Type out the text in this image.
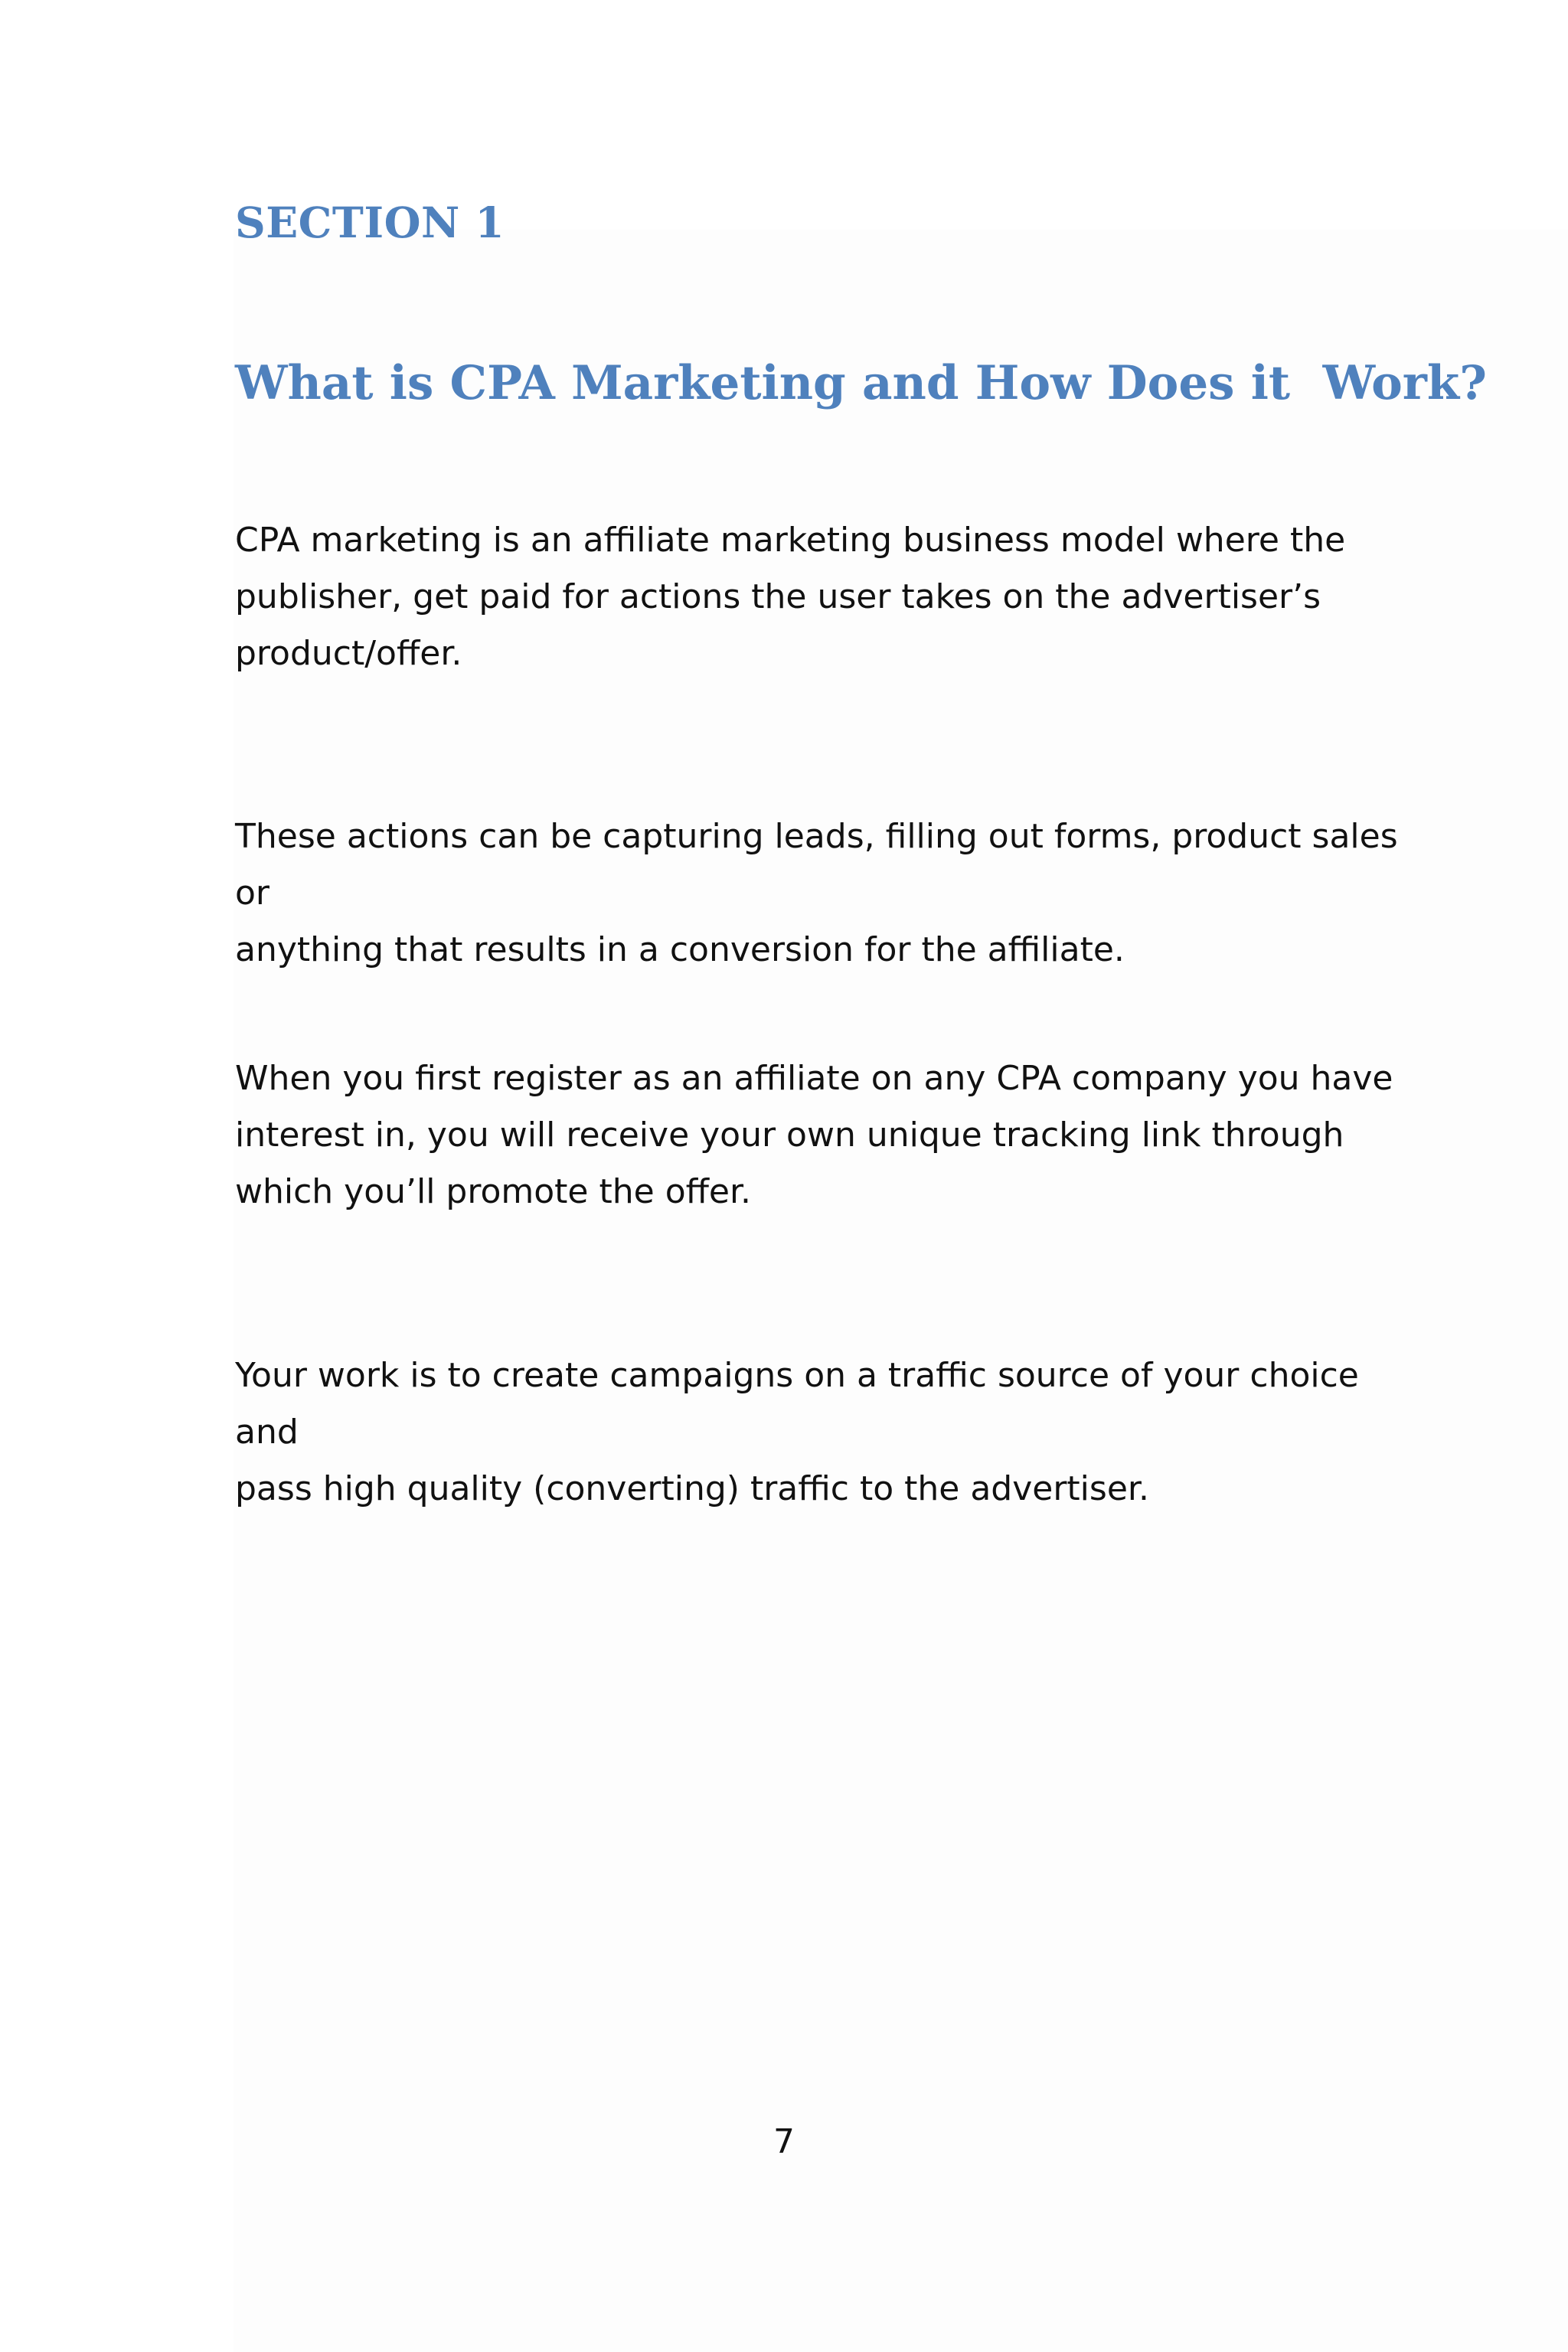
SECTION 1
What is CPA Marketing and How Does it  Work?

CPA marketing is an affiliate marketing business model where the
publisher, get paid for actions the user takes on the advertiser’s
product/offer.

These actions can be capturing leads, filling out forms, product sales or
anything that results in a conversion for the affiliate.

When you first register as an affiliate on any CPA company you have
interest in, you will receive your own unique tracking link through
which you’ll promote the offer.

Your work is to create campaigns on a traffic source of your choice and
pass high quality (converting) traffic to the advertiser.

7
